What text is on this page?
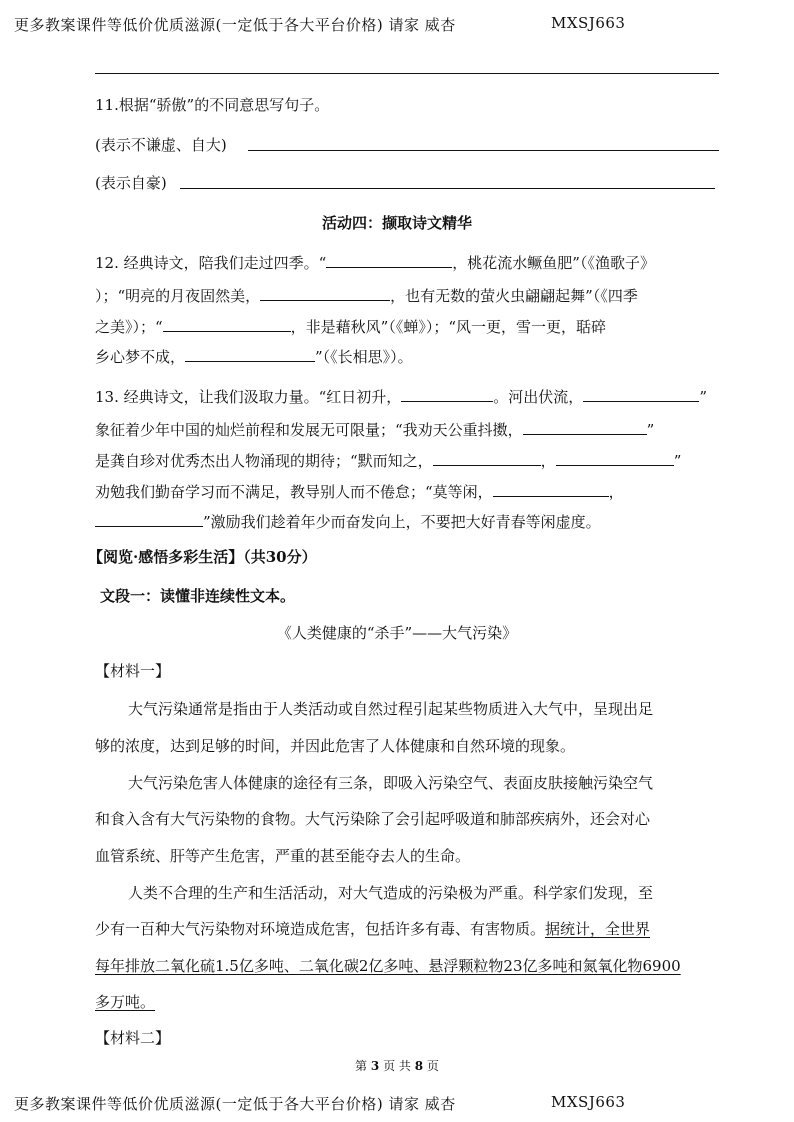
更多教案课件等低价优质滋源(一定低于各大平台价格) 请家 威杏	MXSJ663
11.根据“骄傲”的不同意思写句子。
(表示不谦虚、自大)
(表示自豪)
活动四：撷取诗文精华
12. 经典诗文，陪我们走过四季。“	，桃花流水鳜鱼肥”（《渔歌子》
）；“明亮的月夜固然美，	，也有无数的萤火虫翩翩起舞”（《四季
之美》）；“	，非是藉秋风”（《蝉》）；“风一更，雪一更，聒碎
乡心梦不成，	”（《长相思》）。
13. 经典诗文，让我们汲取力量。“红日初升，	。河出伏流，	”
象征着少年中国的灿烂前程和发展无可限量；“我劝天公重抖擞，	”
是龚自珍对优秀杰出人物涌现的期待；“默而知之，	，	”
劝勉我们勤奋学习而不满足，教导别人而不倦怠；“莫等闲，	，
”激励我们趁着年少而奋发向上，不要把大好青春等闲虚度。
【阅览·感悟多彩生活】（共30分）
文段一：读懂非连续性文本。
《人类健康的“杀手”——大气污染》
【材料一】
大气污染通常是指由于人类活动或自然过程引起某些物质进入大气中，呈现出足
够的浓度，达到足够的时间，并因此危害了人体健康和自然环境的现象。
大气污染危害人体健康的途径有三条，即吸入污染空气、表面皮肤接触污染空气
和食入含有大气污染物的食物。大气污染除了会引起呼吸道和肺部疾病外，还会对心
血管系统、肝等产生危害，严重的甚至能夺去人的生命。
人类不合理的生产和生活活动，对大气造成的污染极为严重。科学家们发现，至
少有一百种大气污染物对环境造成危害，包括许多有毒、有害物质。据统计，全世界
每年排放二氧化硫1.5亿多吨、二氧化碳2亿多吨、悬浮颗粒物23亿多吨和氮氧化物6900
多万吨。
【材料二】
第 3 页 共 8 页
更多教案课件等低价优质滋源(一定低于各大平台价格) 请家 威杏	MXSJ663
